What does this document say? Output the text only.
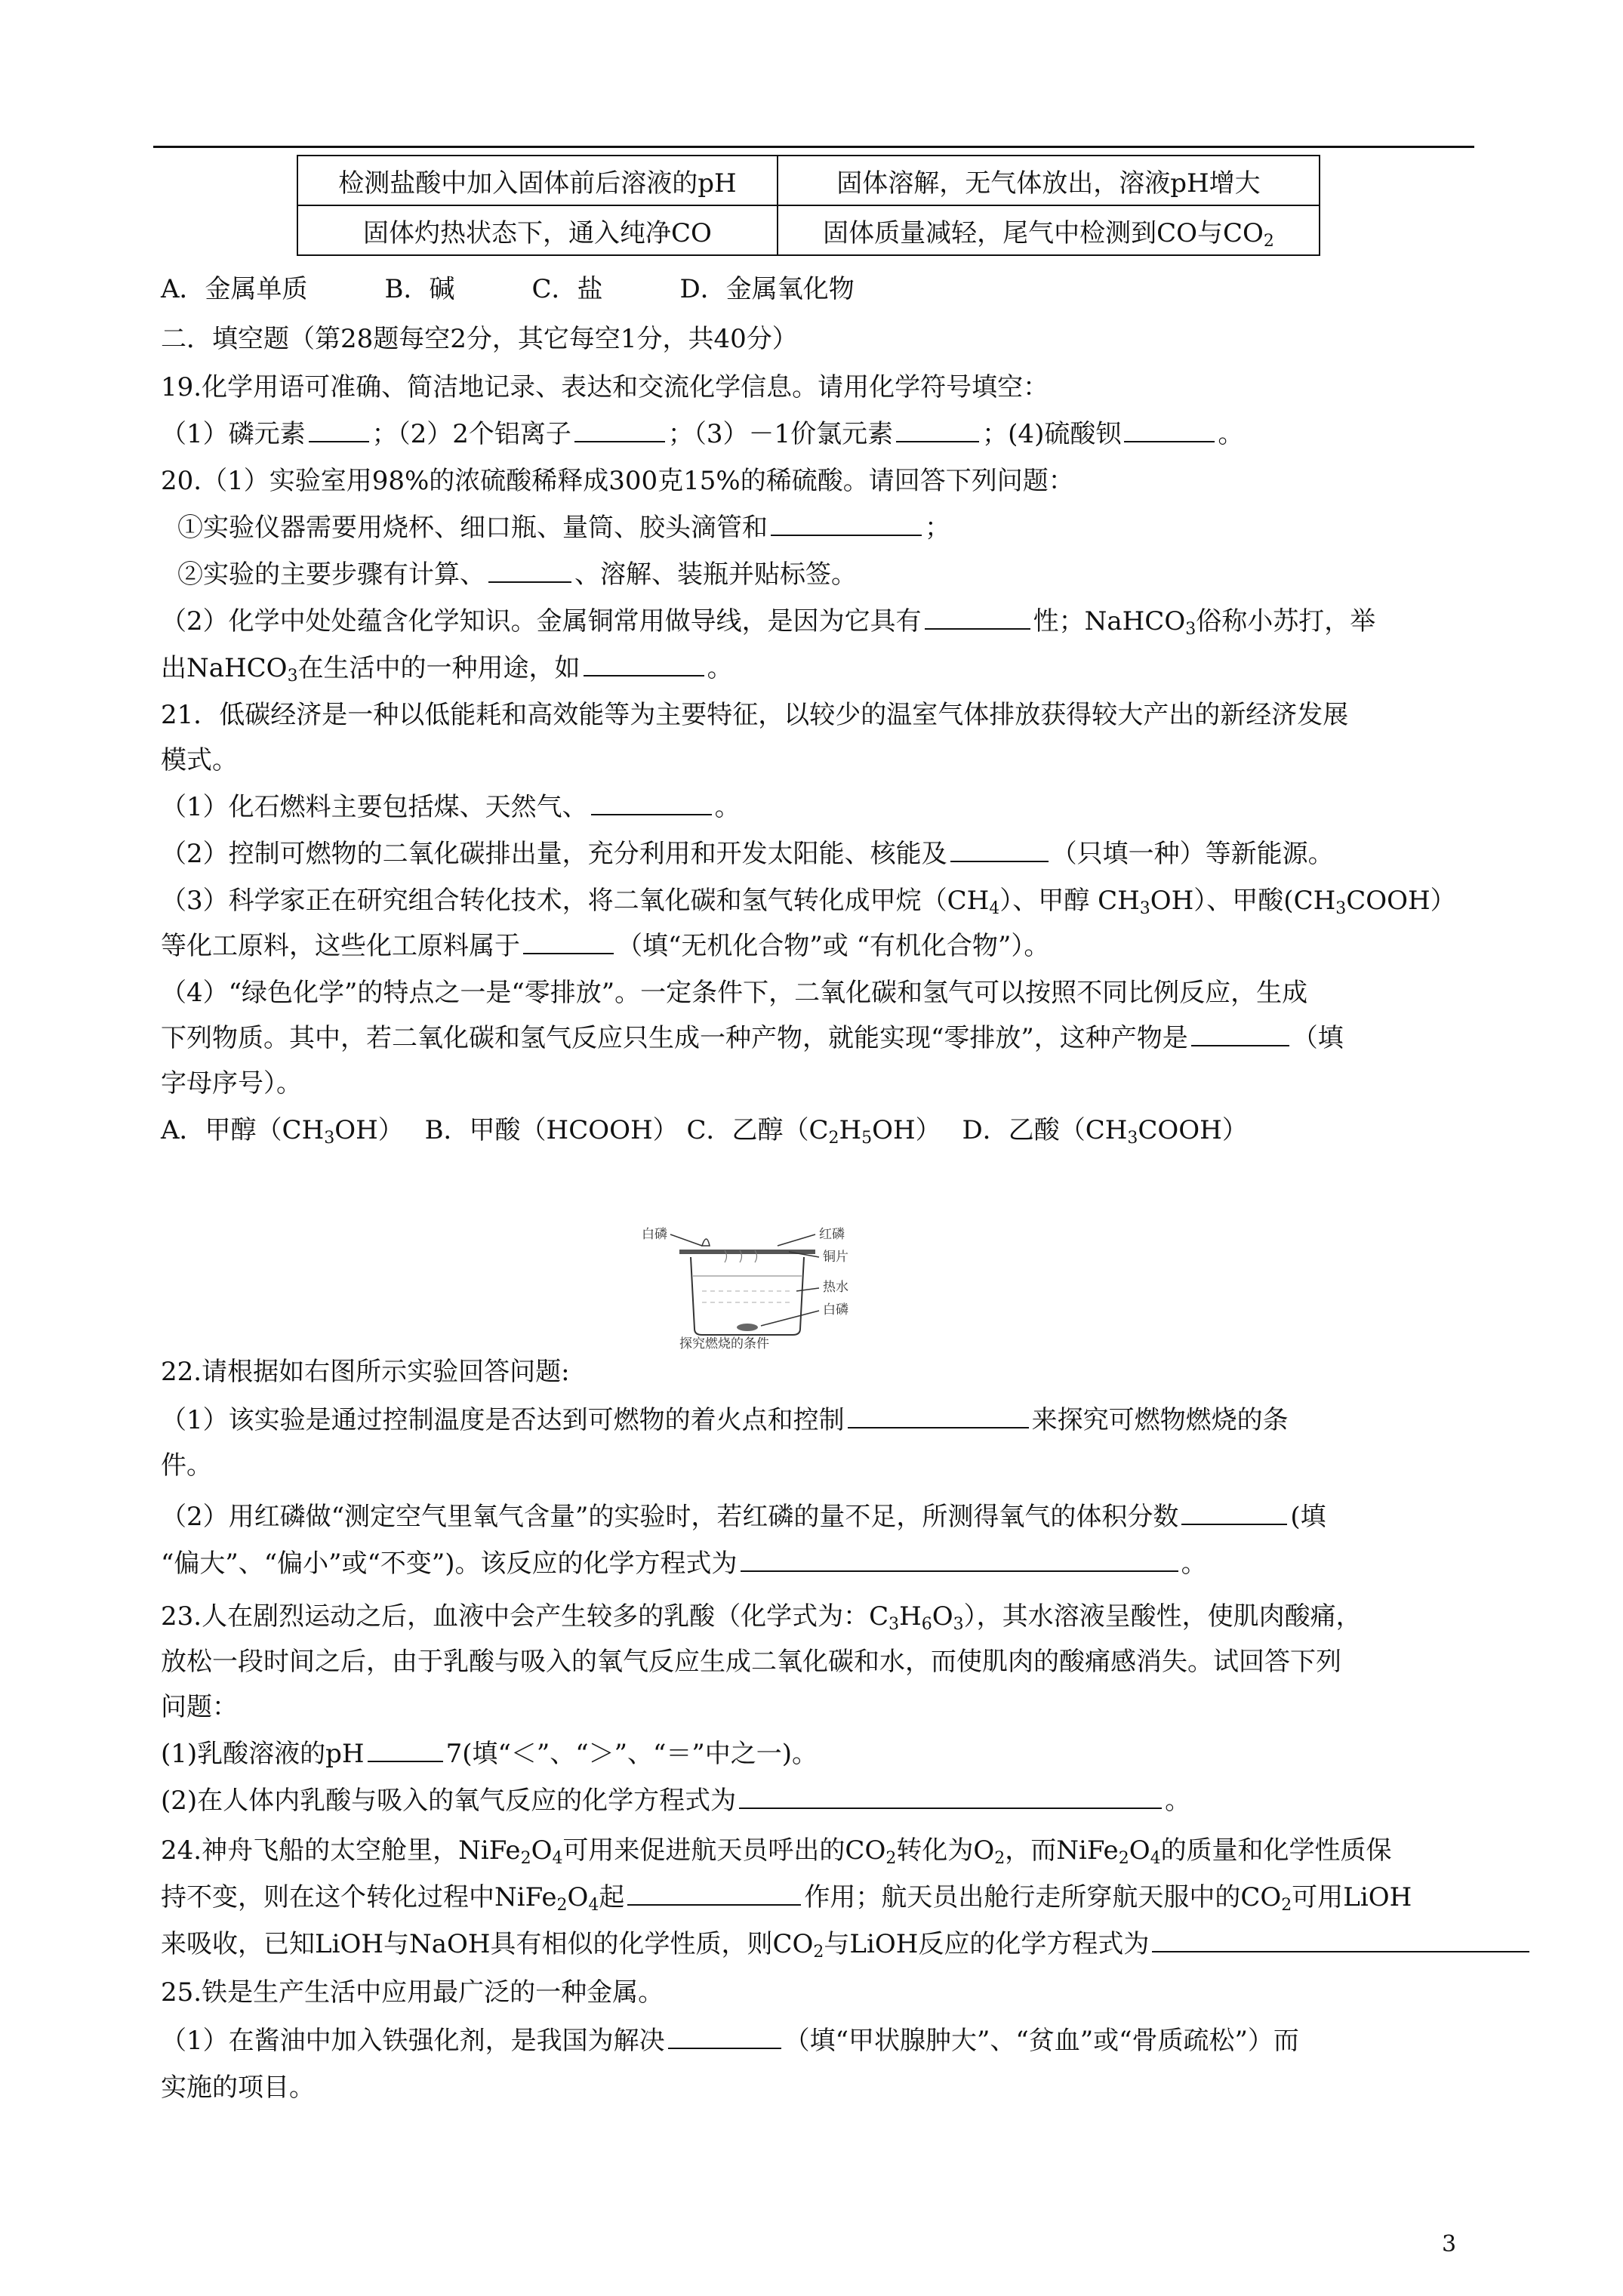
检测盐酸中加入固体前后溶液的pH	固体溶解，无气体放出，溶液pH增大
固体灼热状态下，通入纯净CO	固体质量减轻，尾气中检测到CO与$CO_2$
A．金属单质　　　B．碱　　　C．盐　　　D．金属氧化物
二．填空题（第28题每空2分，其它每空1分，共40分）
19.化学用语可准确、简洁地记录、表达和交流化学信息。请用化学符号填空：
（1）磷元素	；（2）2个铝离子	；（3）－1价氯元素	；(4)硫酸钡	。
20.（1）实验室用98%的浓硫酸稀释成300克15%的稀硫酸。请回答下列问题：
①实验仪器需要用烧杯、细口瓶、量筒、胶头滴管和	；
②实验的主要步骤有计算、	、溶解、装瓶并贴标签。
（2）化学中处处蕴含化学知识。金属铜常用做导线，是因为它具有	性；NaHCO$_3$俗称小苏打，举
出NaHCO$_3$在生活中的一种用途，如	。
21．低碳经济是一种以低能耗和高效能等为主要特征，以较少的温室气体排放获得较大产出的新经济发展
模式。
（1）化石燃料主要包括煤、天然气、	。
（2）控制可燃物的二氧化碳排出量，充分利用和开发太阳能、核能及	（只填一种）等新能源。
（3）科学家正在研究组合转化技术，将二氧化碳和氢气转化成甲烷$(CH_4)$、甲醇 $CH_3OH$）、甲酸$(CH_3COOH)$
等化工原料，这些化工原料属于	（填“无机化合物”或 “有机化合物”）。
（4）“绿色化学”的特点之一是“零排放”。一定条件下，二氧化碳和氢气可以按照不同比例反应，生成
下列物质。其中，若二氧化碳和氢气反应只生成一种产物，就能实现“零排放”，这种产物是	（填
字母序号）。
A．甲醇$(CH_3OH)$　 B．甲酸（HCOOH） C．乙醇$(C_2H_5OH)$　 D．乙酸$(CH_3COOH)$
白磷	红磷
铜片
热水
白磷
探究燃烧的条件
22.请根据如右图所示实验回答问题:
（1）该实验是通过控制温度是否达到可燃物的着火点和控制	来探究可燃物燃烧的条
件。
（2）用红磷做“测定空气里氧气含量”的实验时，若红磷的量不足，所测得氧气的体积分数	(填
“偏大”、“偏小”或“不变”)。该反应的化学方程式为	。
23.人在剧烈运动之后，血液中会产生较多的乳酸（化学式为：$C_3H_6O_3$），其水溶液呈酸性，使肌肉酸痛，
放松一段时间之后，由于乳酸与吸入的氧气反应生成二氧化碳和水，而使肌肉的酸痛感消失。试回答下列
问题：
(1)乳酸溶液的pH	7(填“＜”、“＞”、“＝”中之一)。
(2)在人体内乳酸与吸入的氧气反应的化学方程式为	。
24.神舟飞船的太空舱里，$NiFe_2O_4$可用来促进航天员呼出的$CO_2$转化为$O_2$，而$NiFe_2O_4$的质量和化学性质保
持不变，则在这个转化过程中$NiFe_2O_4$起	作用；航天员出舱行走所穿航天服中的$CO_2$可用LiOH
来吸收，已知LiOH与NaOH具有相似的化学性质，则$CO_2$与LiOH反应的化学方程式为
25.铁是生产生活中应用最广泛的一种金属。
（1）在酱油中加入铁强化剂，是我国为解决	（填“甲状腺肿大”、“贫血”或“骨质疏松”）而
实施的项目。
3
